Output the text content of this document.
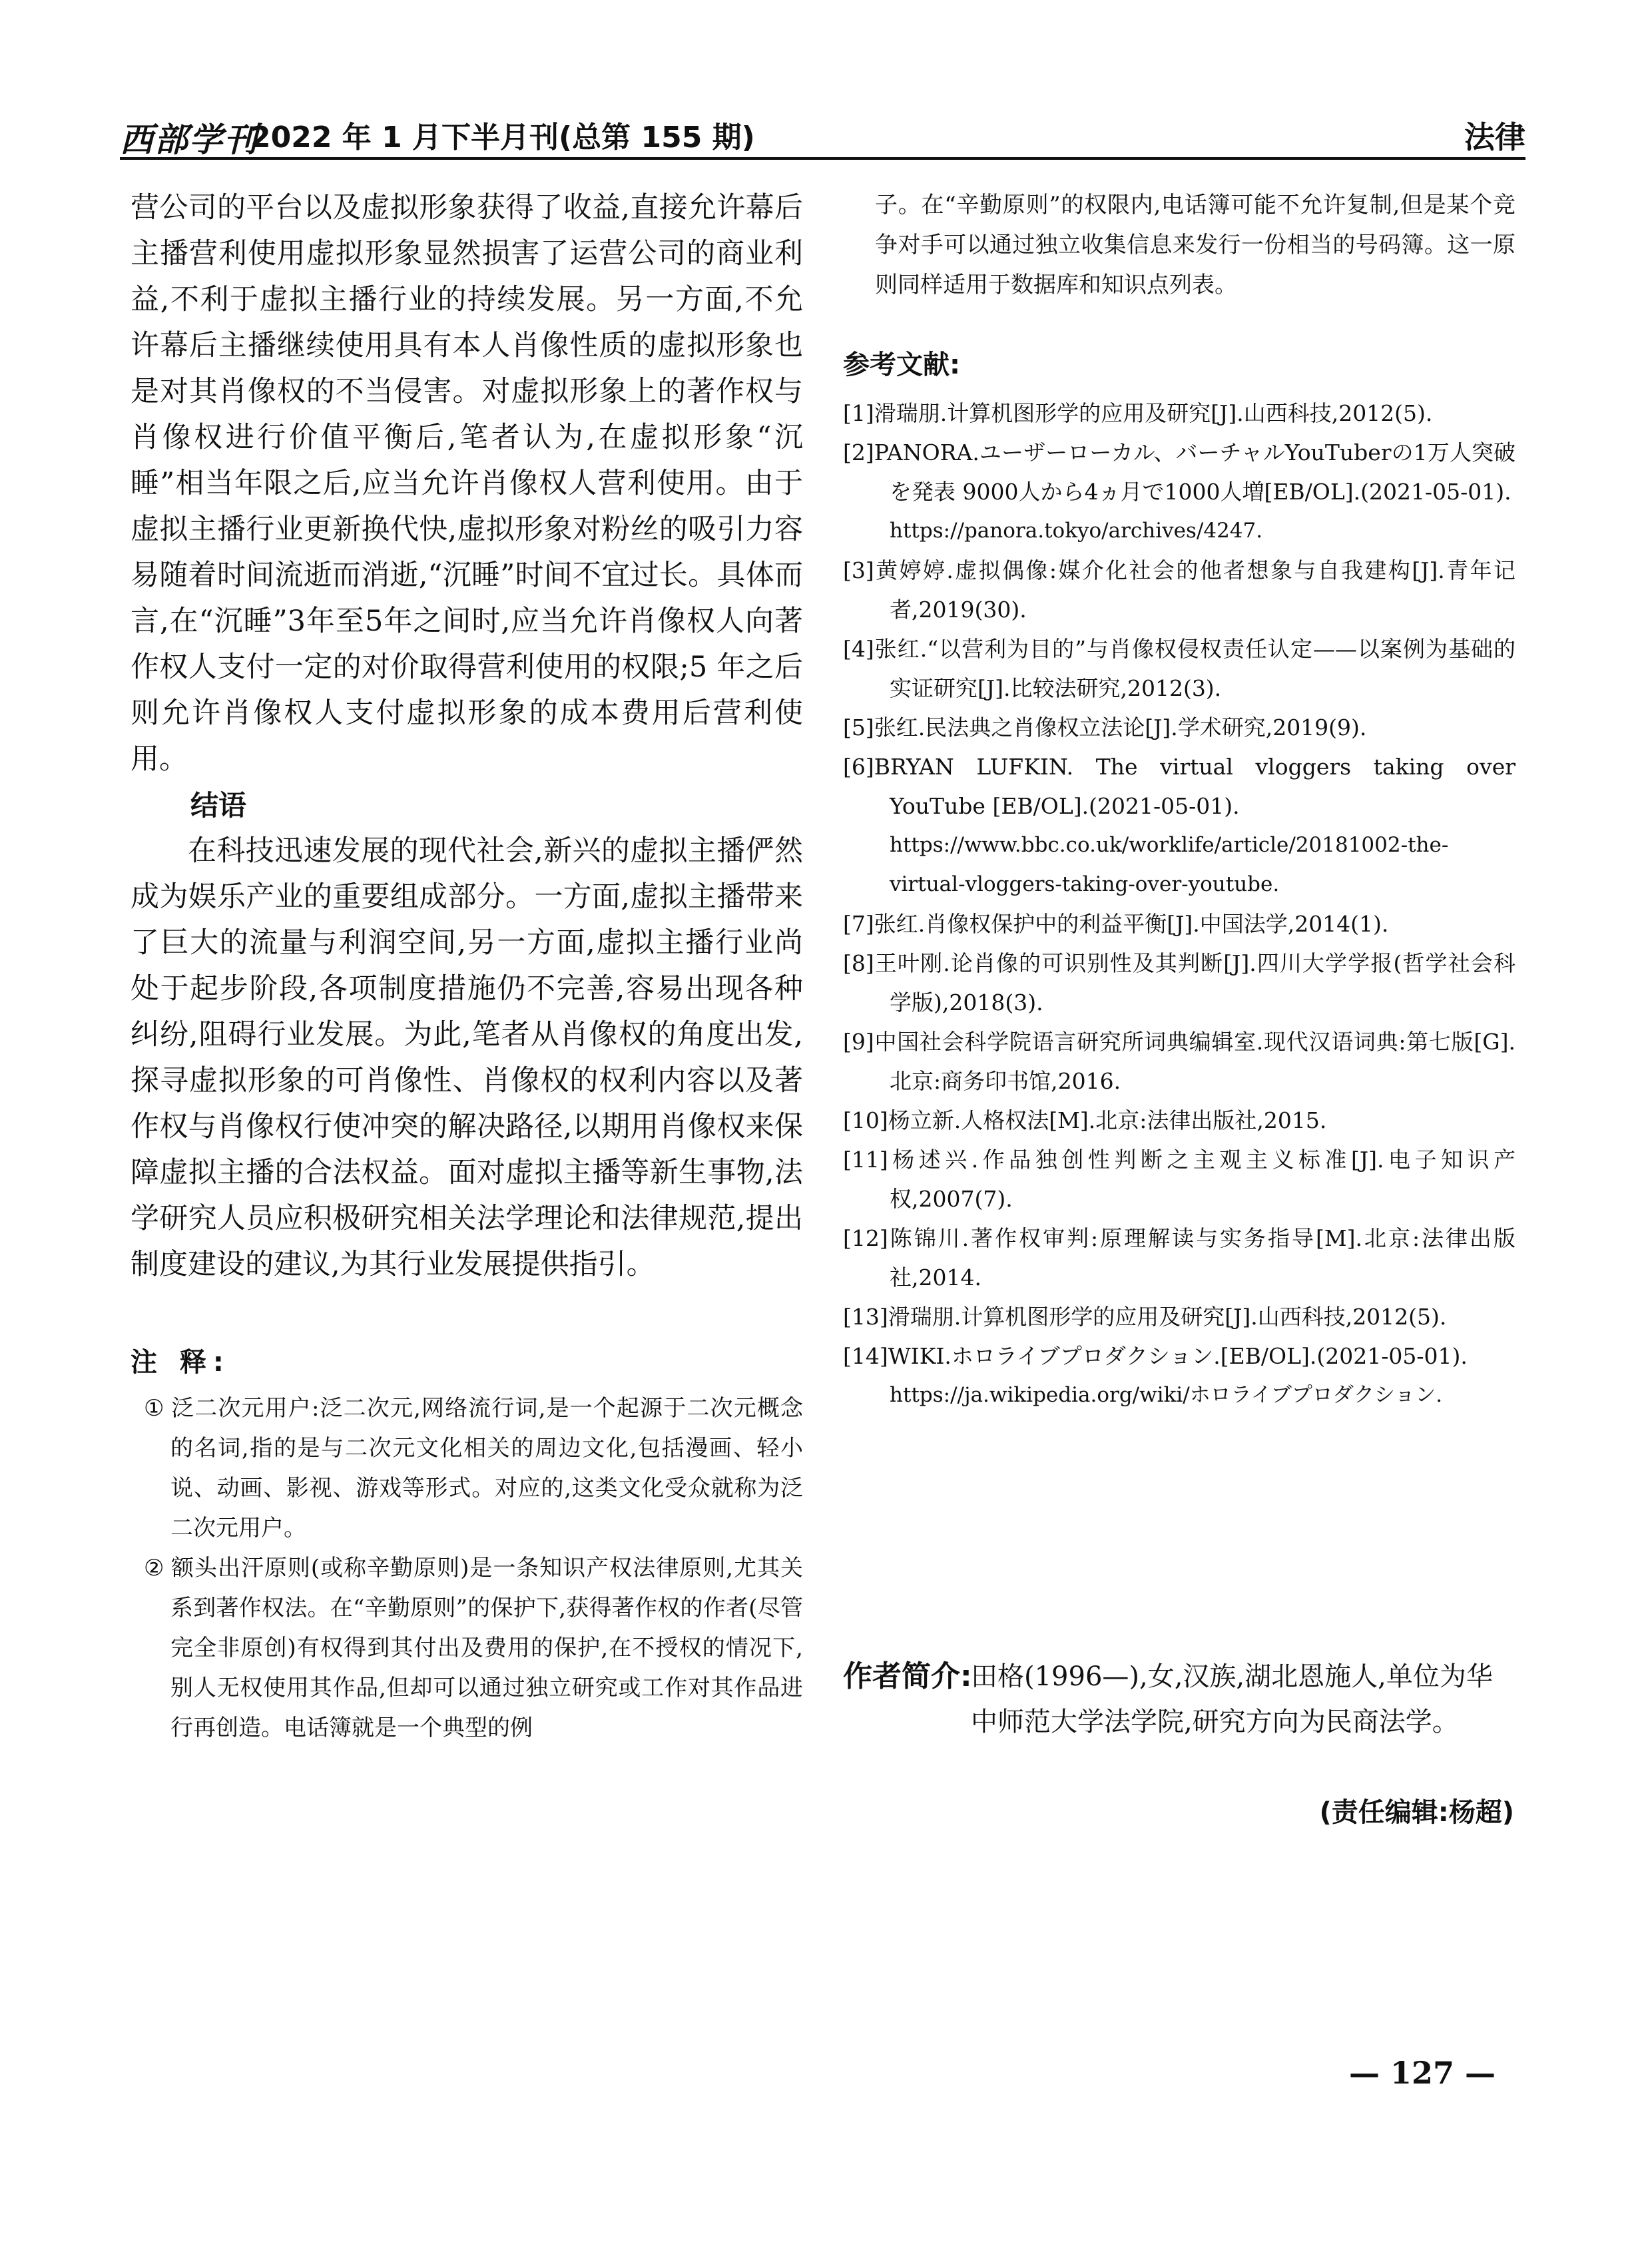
西部学刊
2022 年 1 月下半月刊(总第 155 期)	法律

营公司的平台以及虚拟形象获得了收益,直接允许幕后主播营利使用虚拟形象显然损害了运营公司的商业利益,不利于虚拟主播行业的持续发展。另一方面,不允许幕后主播继续使用具有本人肖像性质的虚拟形象也是对其肖像权的不当侵害。对虚拟形象上的著作权与肖像权进行价值平衡后,笔者认为,在虚拟形象“沉睡”相当年限之后,应当允许肖像权人营利使用。由于虚拟主播行业更新换代快,虚拟形象对粉丝的吸引力容易随着时间流逝而消逝,“沉睡”时间不宜过长。具体而言,在“沉睡”3年至5年之间时,应当允许肖像权人向著作权人支付一定的对价取得营利使用的权限;5 年之后则允许肖像权人支付虚拟形象的成本费用后营利使用。

结语

在科技迅速发展的现代社会,新兴的虚拟主播俨然成为娱乐产业的重要组成部分。一方面,虚拟主播带来了巨大的流量与利润空间,另一方面,虚拟主播行业尚处于起步阶段,各项制度措施仍不完善,容易出现各种纠纷,阻碍行业发展。为此,笔者从肖像权的角度出发,探寻虚拟形象的可肖像性、肖像权的权利内容以及著作权与肖像权行使冲突的解决路径,以期用肖像权来保障虚拟主播的合法权益。面对虚拟主播等新生事物,法学研究人员应积极研究相关法学理论和法律规范,提出制度建设的建议,为其行业发展提供指引。

注 释:

① 泛二次元用户:泛二次元,网络流行词,是一个起源于二次元概念的名词,指的是与二次元文化相关的周边文化,包括漫画、轻小说、动画、影视、游戏等形式。对应的,这类文化受众就称为泛二次元用户。

② 额头出汗原则(或称辛勤原则)是一条知识产权法律原则,尤其关系到著作权法。在“辛勤原则”的保护下,获得著作权的作者(尽管完全非原创)有权得到其付出及费用的保护,在不授权的情况下,别人无权使用其作品,但却可以通过独立研究或工作对其作品进行再创造。电话簿就是一个典型的例

子。在“辛勤原则”的权限内,电话簿可能不允许复制,但是某个竞争对手可以通过独立收集信息来发行一份相当的号码簿。这一原则同样适用于数据库和知识点列表。

参考文献:

[1]滑瑞朋.计算机图形学的应用及研究[J].山西科技,2012(5).

[2]PANORA.ユーザーローカル、バーチャルYouTuberの1万人突破を発表 9000人から4ヵ月で1000人増[EB/OL].(2021-05-01).

https://panora.tokyo/archives/4247.

[3]黄婷婷.虚拟偶像:媒介化社会的他者想象与自我建构[J].青年记者,2019(30).

[4]张红.“以营利为目的”与肖像权侵权责任认定——以案例为基础的实证研究[J].比较法研究,2012(3).

[5]张红.民法典之肖像权立法论[J].学术研究,2019(9).

[6]BRYAN LUFKIN. The virtual vloggers taking over YouTube [EB/OL].(2021-05-01).

https://www.bbc.co.uk/worklife/article/20181002-the-virtual-vloggers-taking-over-youtube.

[7]张红.肖像权保护中的利益平衡[J].中国法学,2014(1).

[8]王叶刚.论肖像的可识别性及其判断[J].四川大学学报(哲学社会科学版),2018(3).

[9]中国社会科学院语言研究所词典编辑室.现代汉语词典:第七版[G].北京:商务印书馆,2016.

[10]杨立新.人格权法[M].北京:法律出版社,2015.

[11]杨述兴.作品独创性判断之主观主义标准[J].电子知识产权,2007(7).

[12]陈锦川.著作权审判:原理解读与实务指导[M].北京:法律出版社,2014.

[13]滑瑞朋.计算机图形学的应用及研究[J].山西科技,2012(5).

[14]WIKI.ホロライブプロダクション.[EB/OL].(2021-05-01).

https://ja.wikipedia.org/wiki/ホロライブプロダクション.

作者简介:
田格(1996—),女,汉族,湖北恩施人,单位为华中师范大学法学院,研究方向为民商法学。
(责任编辑:杨超)
— 127 —
